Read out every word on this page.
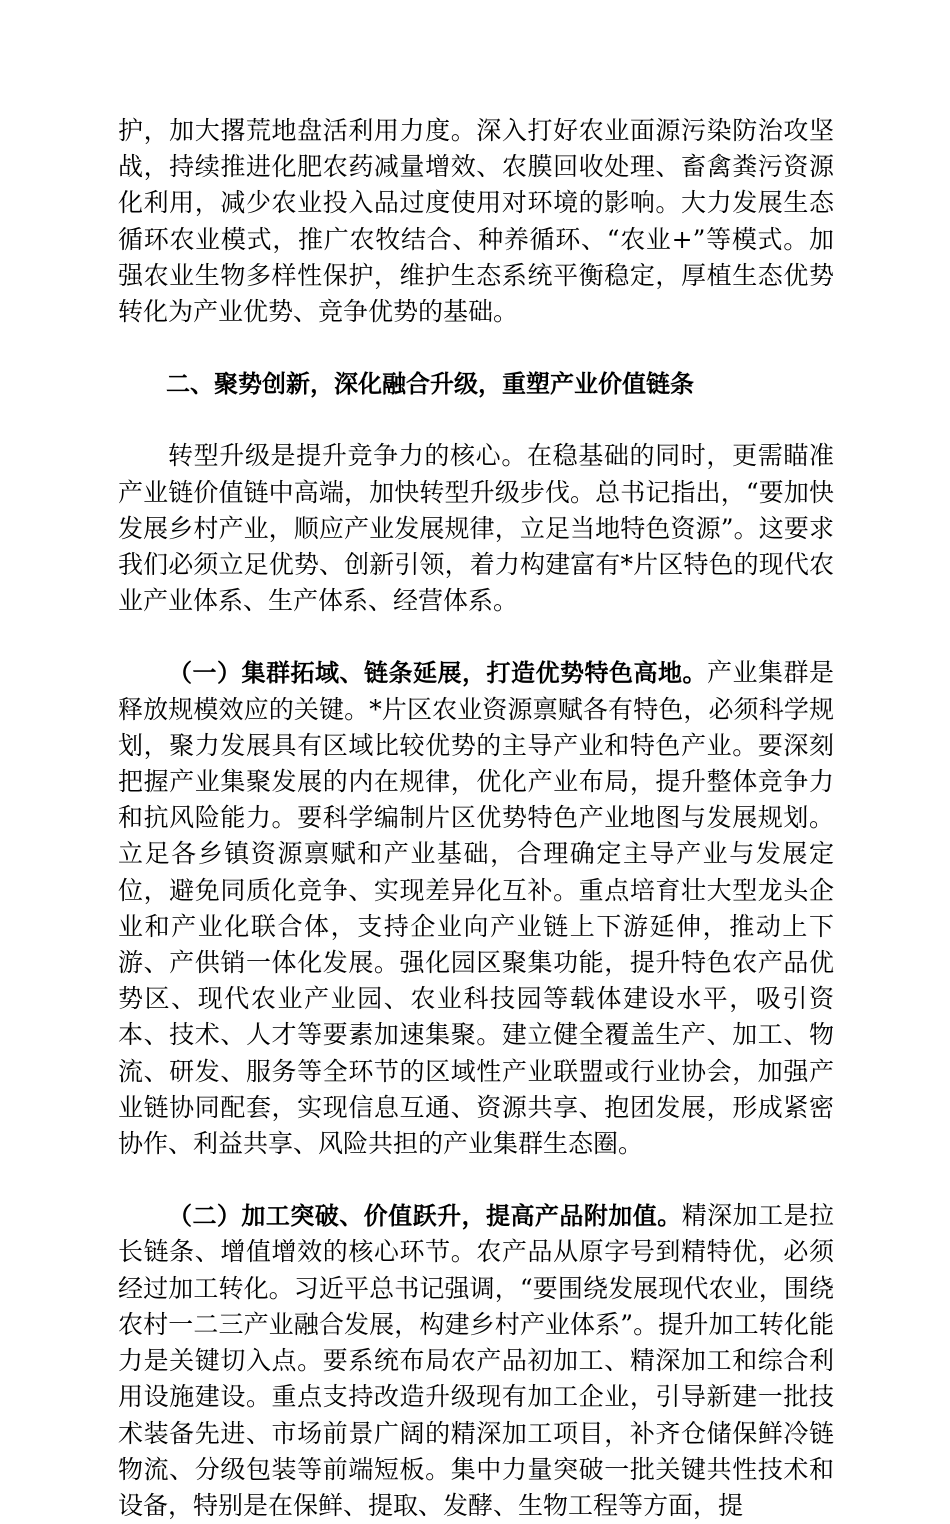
护，加大撂荒地盘活利用力度。深入打好农业面源污染防治攻坚战，持续推进化肥农药减量增效、农膜回收处理、畜禽粪污资源化利用，减少农业投入品过度使用对环境的影响。大力发展生态循环农业模式，推广农牧结合、种养循环、“农业+”等模式。加强农业生物多样性保护，维护生态系统平衡稳定，厚植生态优势转化为产业优势、竞争优势的基础。

二、聚势创新，深化融合升级，重塑产业价值链条

转型升级是提升竞争力的核心。在稳基础的同时，更需瞄准产业链价值链中高端，加快转型升级步伐。总书记指出，“要加快发展乡村产业，顺应产业发展规律，立足当地特色资源”。这要求我们必须立足优势、创新引领，着力构建富有*片区特色的现代农业产业体系、生产体系、经营体系。

（一）集群拓域、链条延展，打造优势特色高地。产业集群是释放规模效应的关键。*片区农业资源禀赋各有特色，必须科学规划，聚力发展具有区域比较优势的主导产业和特色产业。要深刻把握产业集聚发展的内在规律，优化产业布局，提升整体竞争力和抗风险能力。要科学编制片区优势特色产业地图与发展规划。立足各乡镇资源禀赋和产业基础，合理确定主导产业与发展定位，避免同质化竞争、实现差异化互补。重点培育壮大型龙头企业和产业化联合体，支持企业向产业链上下游延伸，推动上下游、产供销一体化发展。强化园区聚集功能，提升特色农产品优势区、现代农业产业园、农业科技园等载体建设水平，吸引资本、技术、人才等要素加速集聚。建立健全覆盖生产、加工、物流、研发、服务等全环节的区域性产业联盟或行业协会，加强产业链协同配套，实现信息互通、资源共享、抱团发展，形成紧密协作、利益共享、风险共担的产业集群生态圈。

（二）加工突破、价值跃升，提高产品附加值。精深加工是拉长链条、增值增效的核心环节。农产品从原字号到精特优，必须经过加工转化。习近平总书记强调，“要围绕发展现代农业，围绕农村一二三产业融合发展，构建乡村产业体系”。提升加工转化能力是关键切入点。要系统布局农产品初加工、精深加工和综合利用设施建设。重点支持改造升级现有加工企业，引导新建一批技术装备先进、市场前景广阔的精深加工项目，补齐仓储保鲜冷链物流、分级包装等前端短板。集中力量突破一批关键共性技术和设备，特别是在保鲜、提取、发酵、生物工程等方面，提
